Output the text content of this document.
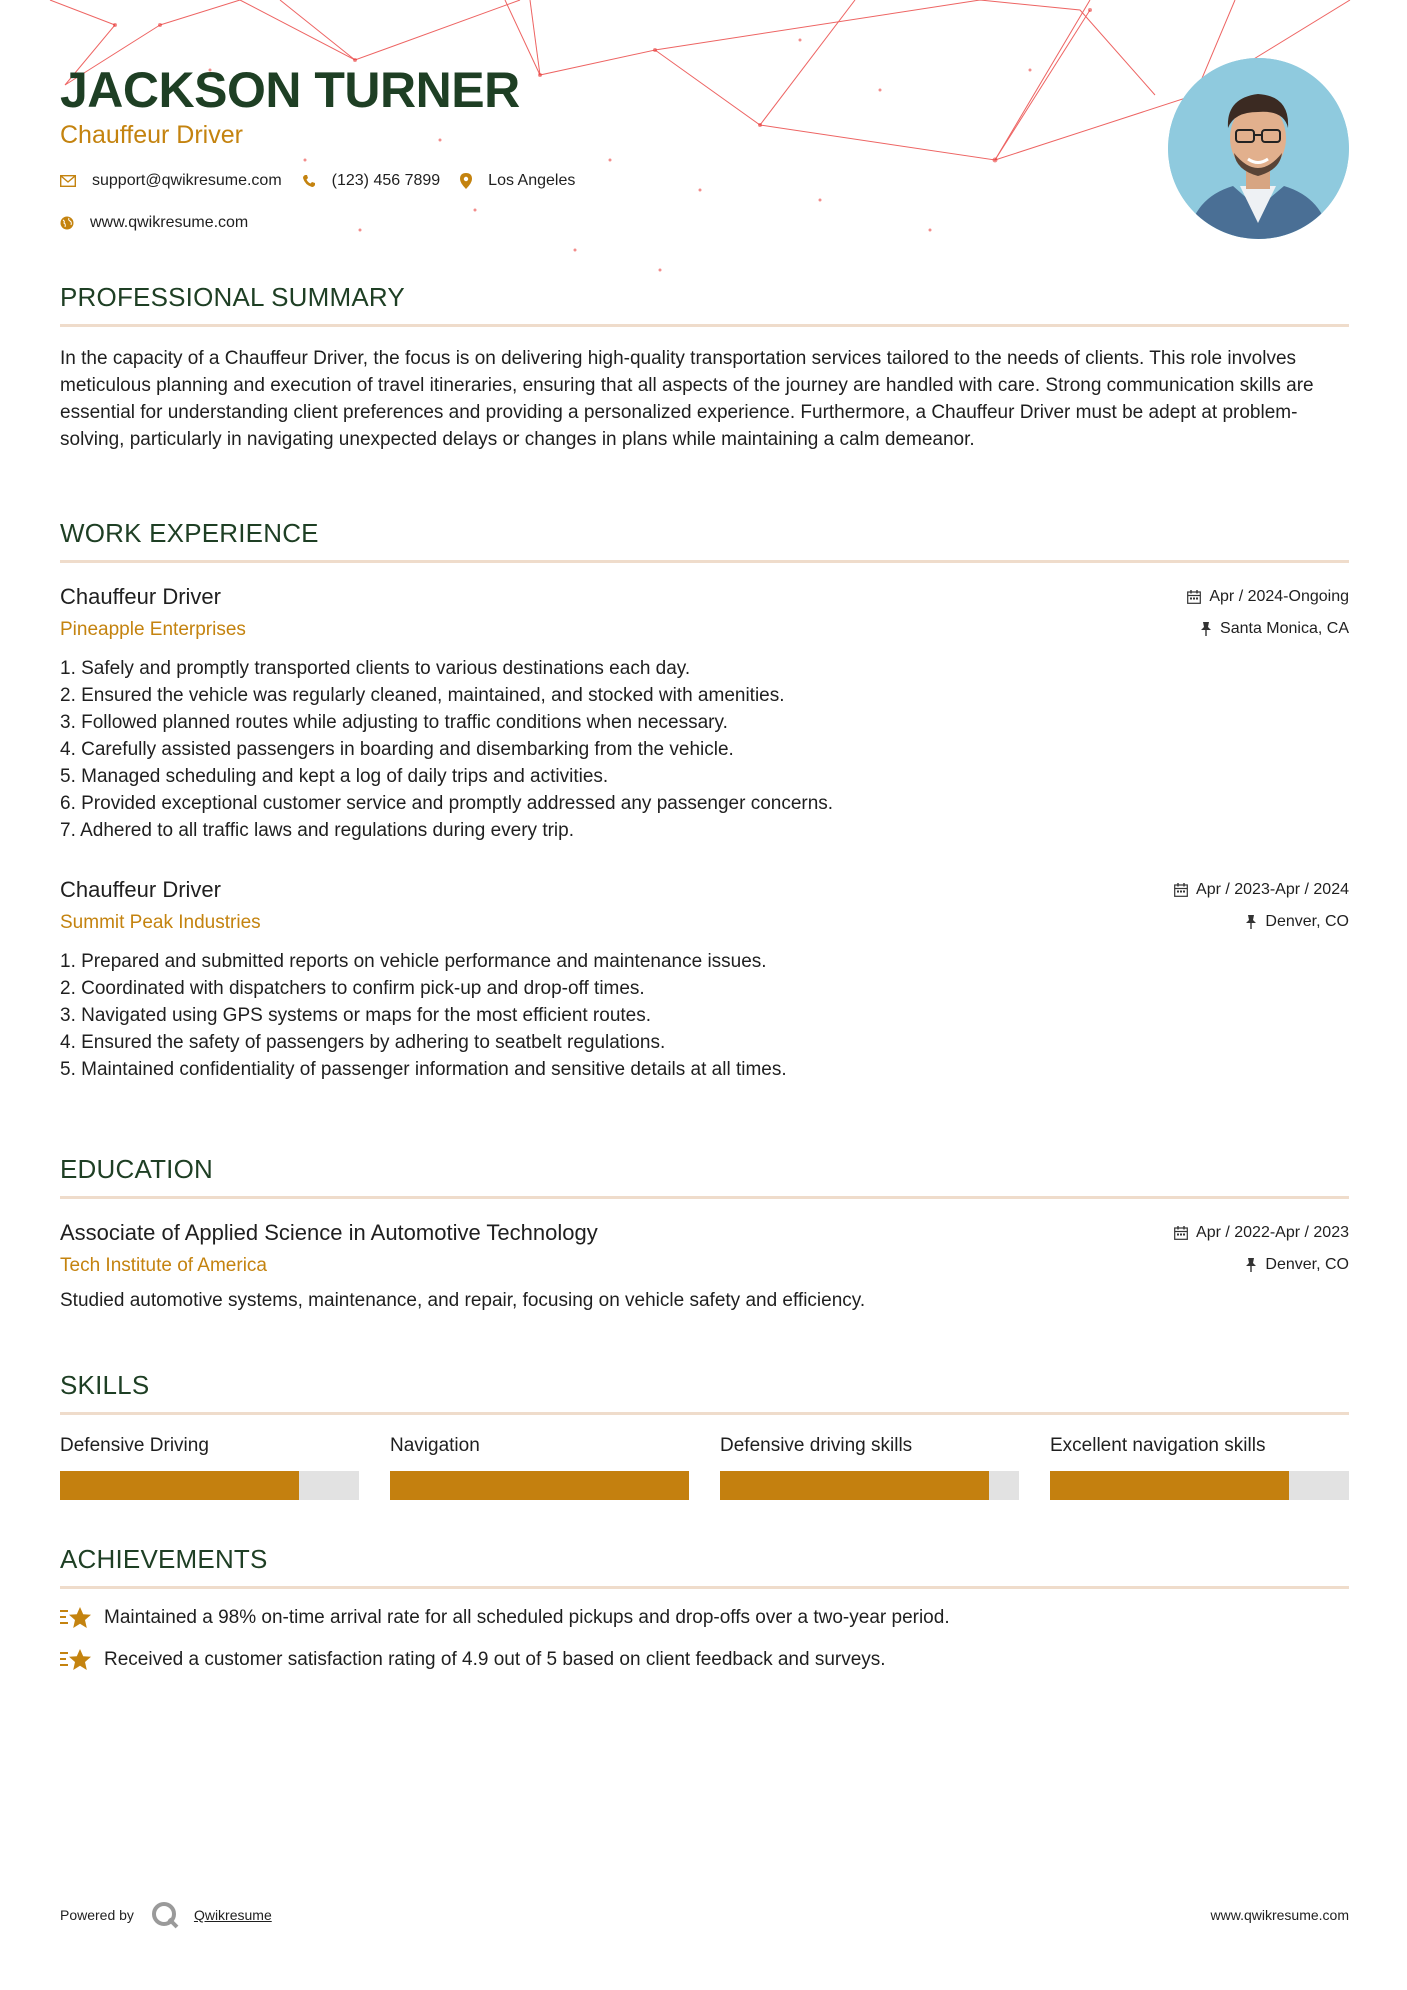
JACKSON TURNER
Chauffeur Driver
support@qwikresume.com	(123) 456 7899	Los Angeles
www.qwikresume.com
PROFESSIONAL SUMMARY

In the capacity of a Chauffeur Driver, the focus is on delivering high-quality transportation services tailored to the needs of clients. This role involves meticulous planning and execution of travel itineraries, ensuring that all aspects of the journey are handled with care. Strong communication skills are essential for understanding client preferences and providing a personalized experience. Furthermore, a Chauffeur Driver must be adept at problem-solving, particularly in navigating unexpected delays or changes in plans while maintaining a calm demeanor.

WORK EXPERIENCE
Chauffeur Driver
Pineapple Enterprises
Apr / 2024-Ongoing
Santa Monica, CA
1. Safely and promptly transported clients to various destinations each day.
2. Ensured the vehicle was regularly cleaned, maintained, and stocked with amenities.
3. Followed planned routes while adjusting to traffic conditions when necessary.
4. Carefully assisted passengers in boarding and disembarking from the vehicle.
5. Managed scheduling and kept a log of daily trips and activities.
6. Provided exceptional customer service and promptly addressed any passenger concerns.
7. Adhered to all traffic laws and regulations during every trip.
Chauffeur Driver
Summit Peak Industries
Apr / 2023-Apr / 2024
Denver, CO
1. Prepared and submitted reports on vehicle performance and maintenance issues.
2. Coordinated with dispatchers to confirm pick-up and drop-off times.
3. Navigated using GPS systems or maps for the most efficient routes.
4. Ensured the safety of passengers by adhering to seatbelt regulations.
5. Maintained confidentiality of passenger information and sensitive details at all times.
EDUCATION
Associate of Applied Science in Automotive Technology
Tech Institute of America
Apr / 2022-Apr / 2023
Denver, CO

Studied automotive systems, maintenance, and repair, focusing on vehicle safety and efficiency.

SKILLS
Defensive Driving	Navigation	Defensive driving skills	Excellent navigation skills
ACHIEVEMENTS
Maintained a 98% on-time arrival rate for all scheduled pickups and drop-offs over a two-year period.
Received a customer satisfaction rating of 4.9 out of 5 based on client feedback and surveys.
Powered by	Qwikresume	www.qwikresume.com
